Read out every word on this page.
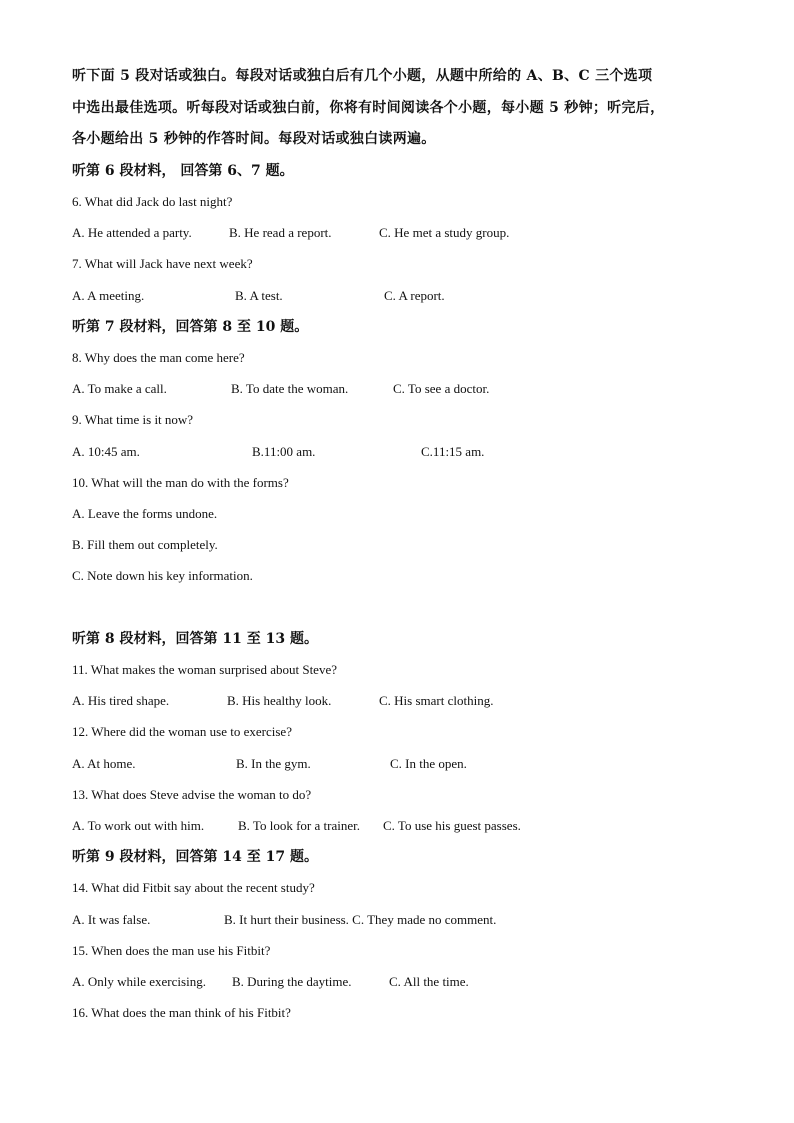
听下面 5 段对话或独白。每段对话或独白后有几个小题，从题中所给的 A、B、C 三个选项
中选出最佳选项。听每段对话或独白前，你将有时间阅读各个小题，每小题 5 秒钟；听完后，
各小题给出 5 秒钟的作答时间。每段对话或独白读两遍。
听第 6 段材料， 回答第 6、7 题。
6. What did Jack do last night?
A. He attended a party.	B. He read a report.	C. He met a study group.
7. What will Jack have next week?
A. A meeting.	B. A test.	C. A report.
听第 7 段材料，回答第 8 至 10 题。
8. Why does the man come here?
A. To make a call.	B. To date the woman.	C. To see a doctor.
9. What time is it now?
A. 10:45 am.	B.11:00 am.	C.11:15 am.
10. What will the man do with the forms?
A. Leave the forms undone.
B. Fill them out completely.
C. Note down his key information.
听第 8 段材料，回答第 11 至 13 题。
11. What makes the woman surprised about Steve?
A. His tired shape.	B. His healthy look.	C. His smart clothing.
12. Where did the woman use to exercise?
A. At home.	B. In the gym.	C. In the open.
13. What does Steve advise the woman to do?
A. To work out with him.	B. To look for a trainer. C. To use his guest passes.
听第 9 段材料，回答第 14 至 17 题。
14. What did Fitbit say about the recent study?
A. It was false.	B. It hurt their business. C. They made no comment.
15. When does the man use his Fitbit?
A. Only while exercising. B. During the daytime.	C. All the time.
16. What does the man think of his Fitbit?
